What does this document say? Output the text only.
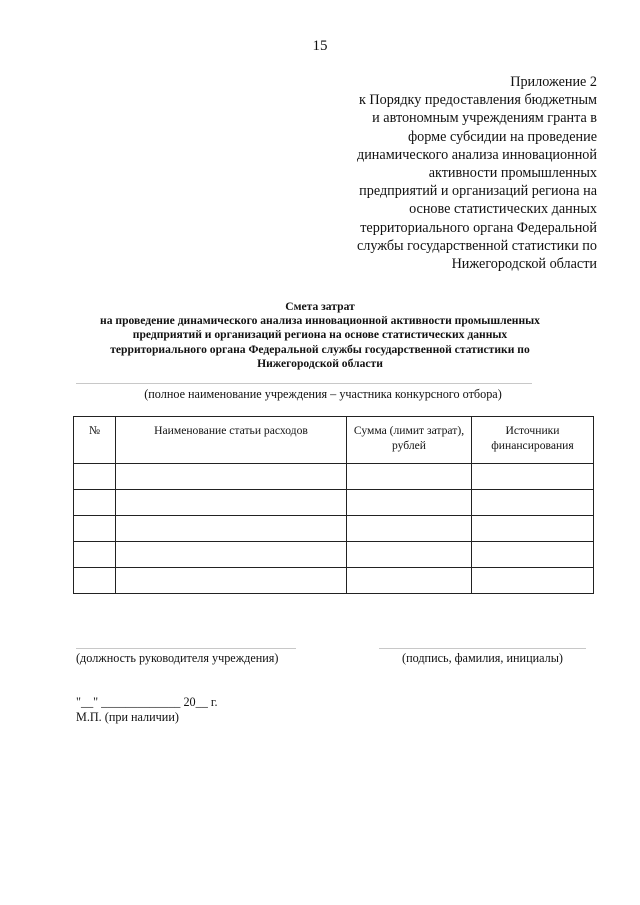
15
Приложение 2
к Порядку предоставления бюджетным
и автономным учреждениям гранта в
форме субсидии на проведение
динамического анализа инновационной
активности промышленных
предприятий и организаций региона на
основе статистических данных
территориального органа Федеральной
службы государственной статистики по
Нижегородской области
Смета затрат
на проведение динамического анализа инновационной активности промышленных
предприятий и организаций региона на основе статистических данных
территориального органа Федеральной службы государственной статистики по
Нижегородской области
(полное наименование учреждения – участника конкурсного отбора)
№	Наименование статьи расходов	Сумма (лимит затрат), рублей	Источники финансирования

(должность руководителя учреждения)	(подпись, фамилия, инициалы)
"__" _____________ 20__ г.
М.П. (при наличии)
